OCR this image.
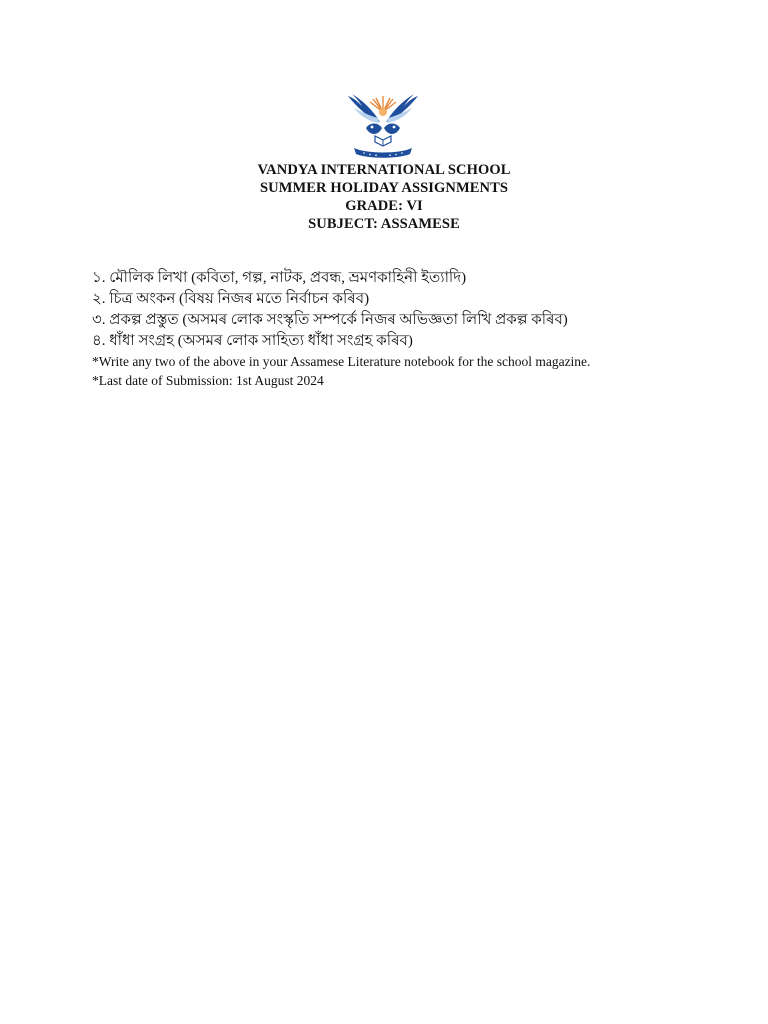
VANDYA INTERNATIONAL SCHOOL
SUMMER HOLIDAY ASSIGNMENTS
GRADE: VI
SUBJECT: ASSAMESE
১. মৌলিক লিখা (কবিতা, গল্প, নাটক, প্ৰবন্ধ, ভ্ৰমণকাহিনী ইত্যাদি)
২. চিত্ৰ অংকন (বিষয় নিজৰ মতে নিৰ্বাচন কৰিব)
৩. প্ৰকল্প প্ৰস্তুত (অসমৰ লোক সংস্কৃতি সম্পৰ্কে নিজৰ অভিজ্ঞতা লিখি প্ৰকল্প কৰিব)
৪. ধাঁধা সংগ্ৰহ (অসমৰ লোক সাহিত্য ধাঁধা সংগ্ৰহ কৰিব)
*Write any two of the above in your Assamese Literature notebook for the school magazine.
*Last date of Submission: 1st August 2024
